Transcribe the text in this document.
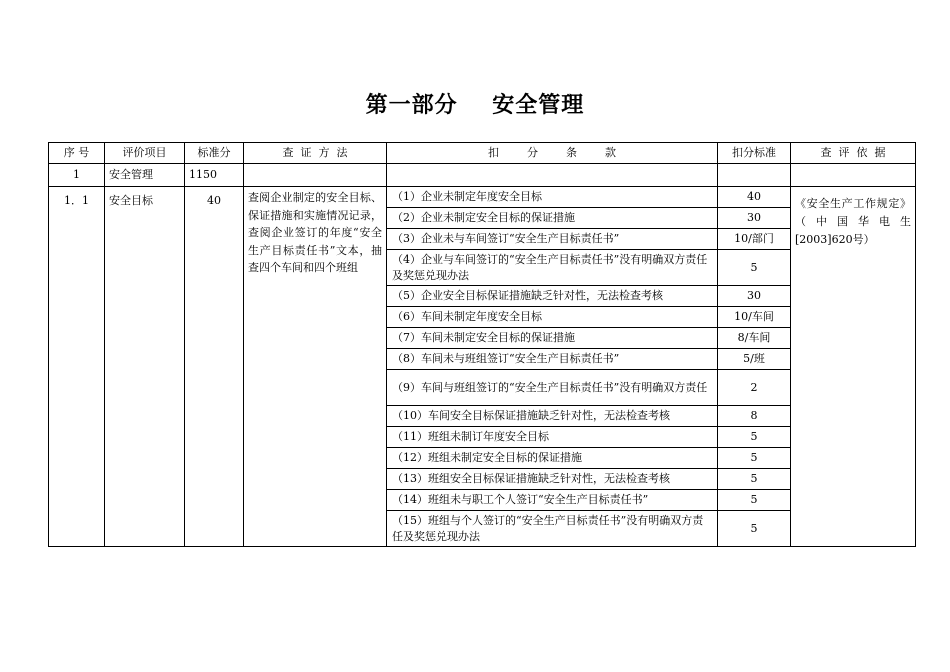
第一部分    安全管理
序 号	评价项目	标准分	查  证  方  法	扣        分        条        款	扣分标准	查  评  依  据
1	安全管理	1150				
1．1	安全目标	40	查阅企业制定的安全目标、保证措施和实施情况记录，查阅企业签订的年度“安全生产目标责任书”文本，抽查四个车间和四个班组	（1）企业未制定年度安全目标	40	《安全生产工作规定》（中国华电生[2003]620号）
				（2）企业未制定安全目标的保证措施	30	
				（3）企业未与车间签订“安全生产目标责任书”	10/部门	
				（4）企业与车间签订的“安全生产目标责任书”没有明确双方责任及奖惩兑现办法	5	
				（5）企业安全目标保证措施缺乏针对性，无法检查考核	30	
				（6）车间未制定年度安全目标	10/车间	
				（7）车间未制定安全目标的保证措施	8/车间	
				（8）车间未与班组签订“安全生产目标责任书”	5/班	
				（9）车间与班组签订的“安全生产目标责任书”没有明确双方责任	2	
				（10）车间安全目标保证措施缺乏针对性，无法检查考核	8	
				（11）班组未制订年度安全目标	5	
				（12）班组未制定安全目标的保证措施	5	
				（13）班组安全目标保证措施缺乏针对性，无法检查考核	5	
				（14）班组未与职工个人签订“安全生产目标责任书”	5	
				（15）班组与个人签订的“安全生产目标责任书”没有明确双方责任及奖惩兑现办法	5	
